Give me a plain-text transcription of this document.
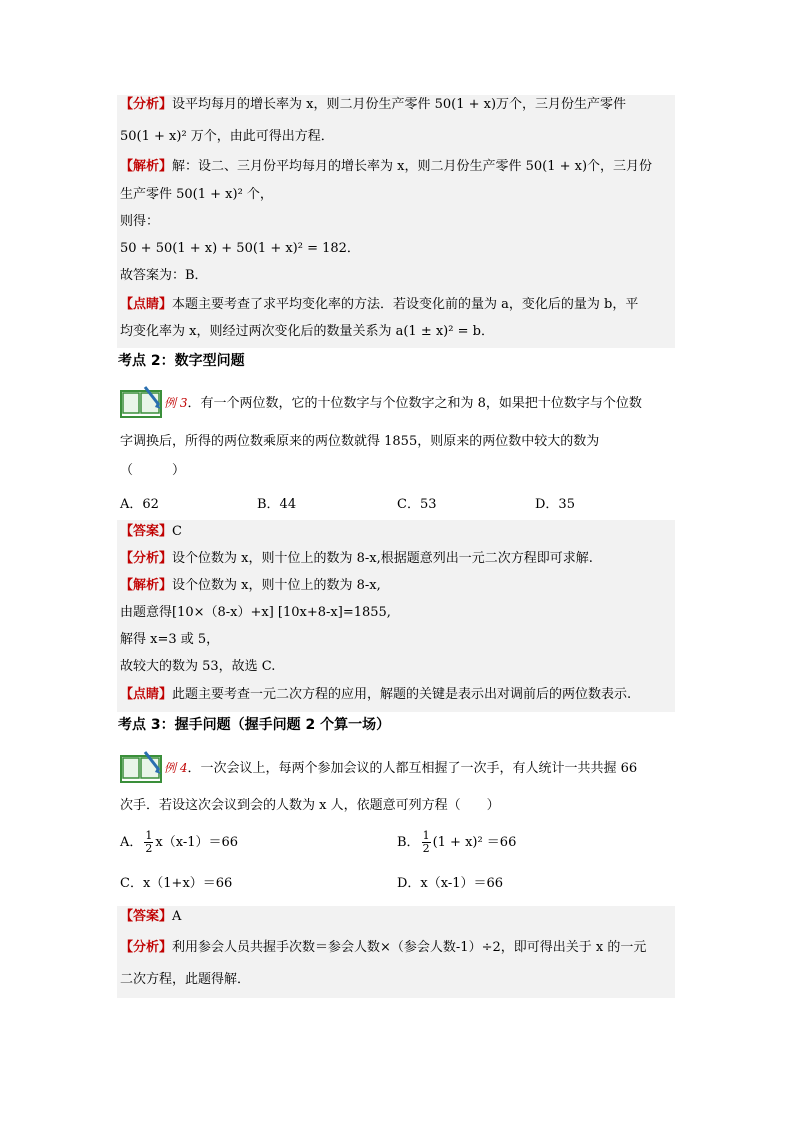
【分析】设平均每月的增长率为 x，则二月份生产零件 50(1 + x)万个，三月份生产零件
50(1 + x)² 万个，由此可得出方程．
【解析】解：设二、三月份平均每月的增长率为 x，则二月份生产零件 50(1 + x)个，三月份
生产零件 50(1 + x)² 个，
则得：
50 + 50(1 + x) + 50(1 + x)² = 182．
故答案为：B．
【点睛】本题主要考查了求平均变化率的方法．若设变化前的量为 a，变化后的量为 b，平
均变化率为 x，则经过两次变化后的数量关系为 a(1 ± x)² = b．
考点 2：数字型问题
例 3．有一个两位数，它的十位数字与个位数字之和为 8，如果把十位数字与个位数
字调换后，所得的两位数乘原来的两位数就得 1855，则原来的两位数中较大的数为
（　　　）
A．62	B．44	C．53	D．35
【答案】C
【分析】设个位数为 x，则十位上的数为 8-x,根据题意列出一元二次方程即可求解.
【解析】设个位数为 x，则十位上的数为 8-x,
由题意得[10×（8-x）+x] [10x+8-x]=1855,
解得 x=3 或 5，
故较大的数为 53，故选 C.
【点睛】此题主要考查一元二次方程的应用，解题的关键是表示出对调前后的两位数表示.
考点 3：握手问题（握手问题 2 个算一场）
例 4．一次会议上，每两个参加会议的人都互相握了一次手，有人统计一共共握 66
次手．若设这次会议到会的人数为 x 人，依题意可列方程（　　）
A． $\frac{1}{2} x(x-1)=66$	B． $\frac{1}{2} (1 + x)^2 =66$
C．x（1+x）＝66	D．x（x-1）＝66
【答案】A
【分析】利用参会人员共握手次数＝参会人数×（参会人数-1）÷2，即可得出关于 x 的一元
二次方程，此题得解．
